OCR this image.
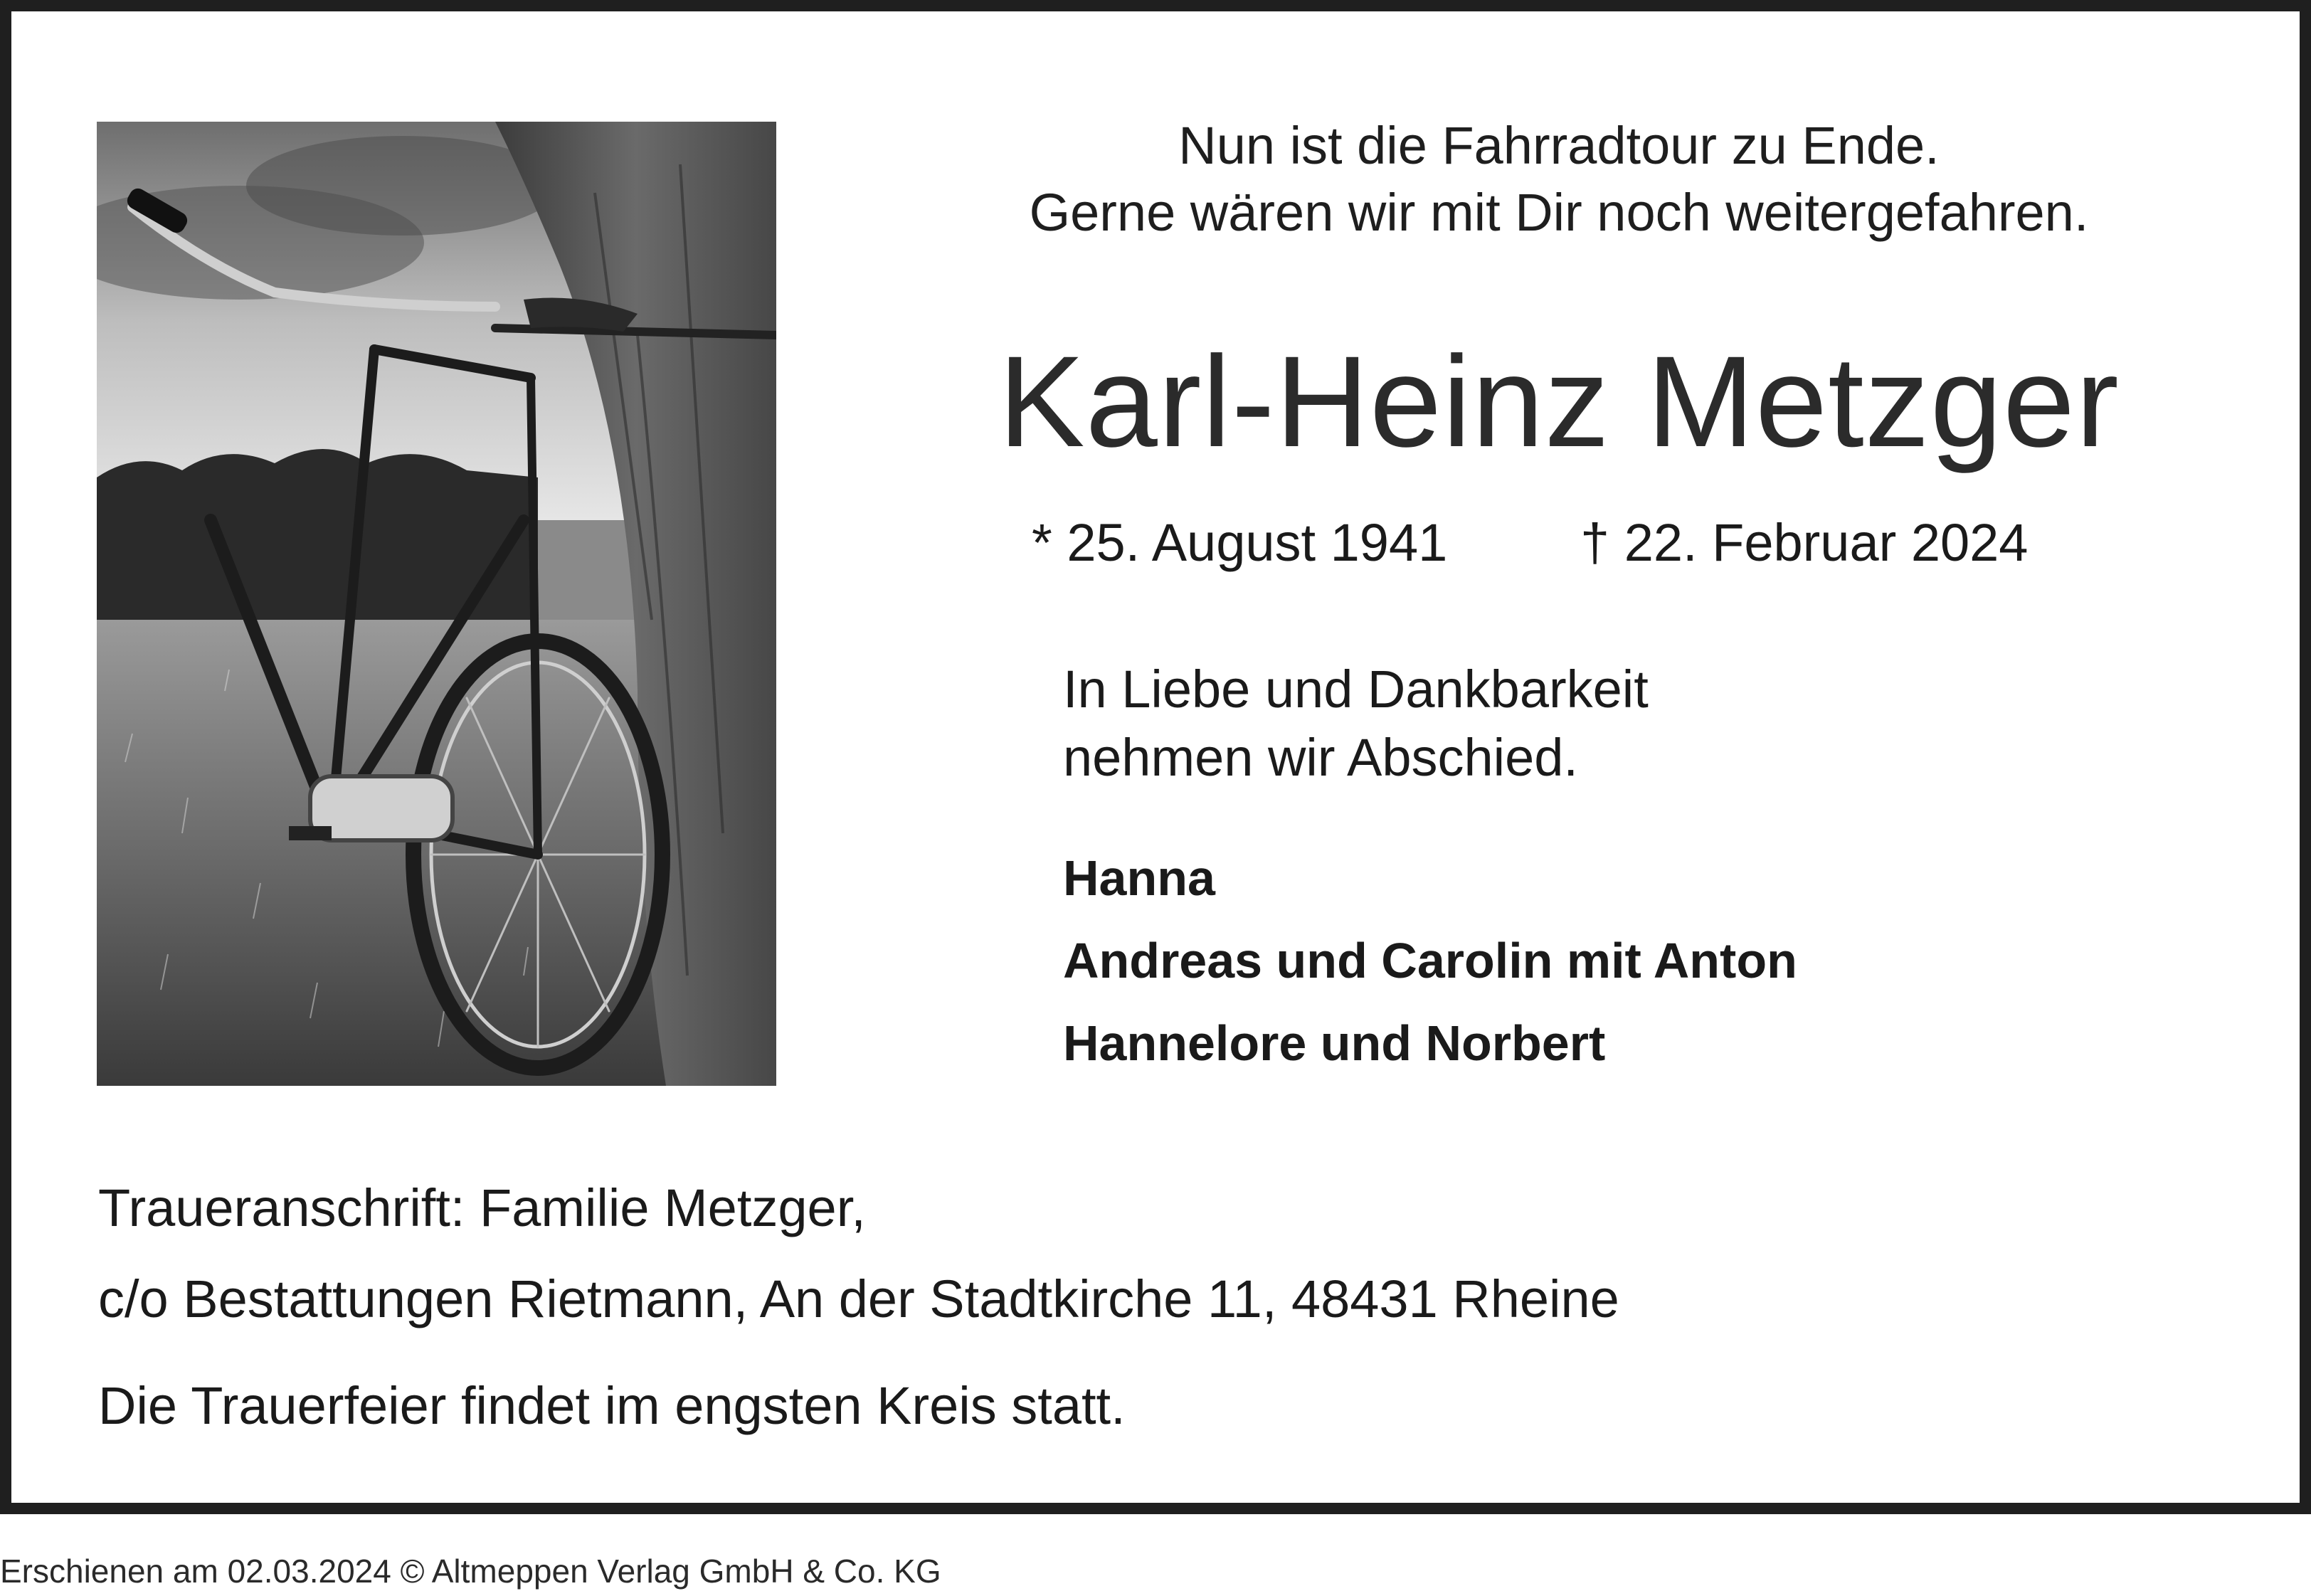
Nun ist die Fahrradtour zu Ende.
Gerne wären wir mit Dir noch weitergefahren.
Karl-Heinz Metzger
* 25. August 1941	† 22. Februar 2024
In Liebe und Dankbarkeit
nehmen wir Abschied.
Hanna
Andreas und Carolin mit Anton
Hannelore und Norbert
Traueranschrift: Familie Metzger,
c/o Bestattungen Rietmann, An der Stadtkirche 11, 48431 Rheine
Die Trauerfeier findet im engsten Kreis statt.
Erschienen am 02.03.2024 © Altmeppen Verlag GmbH & Co. KG
